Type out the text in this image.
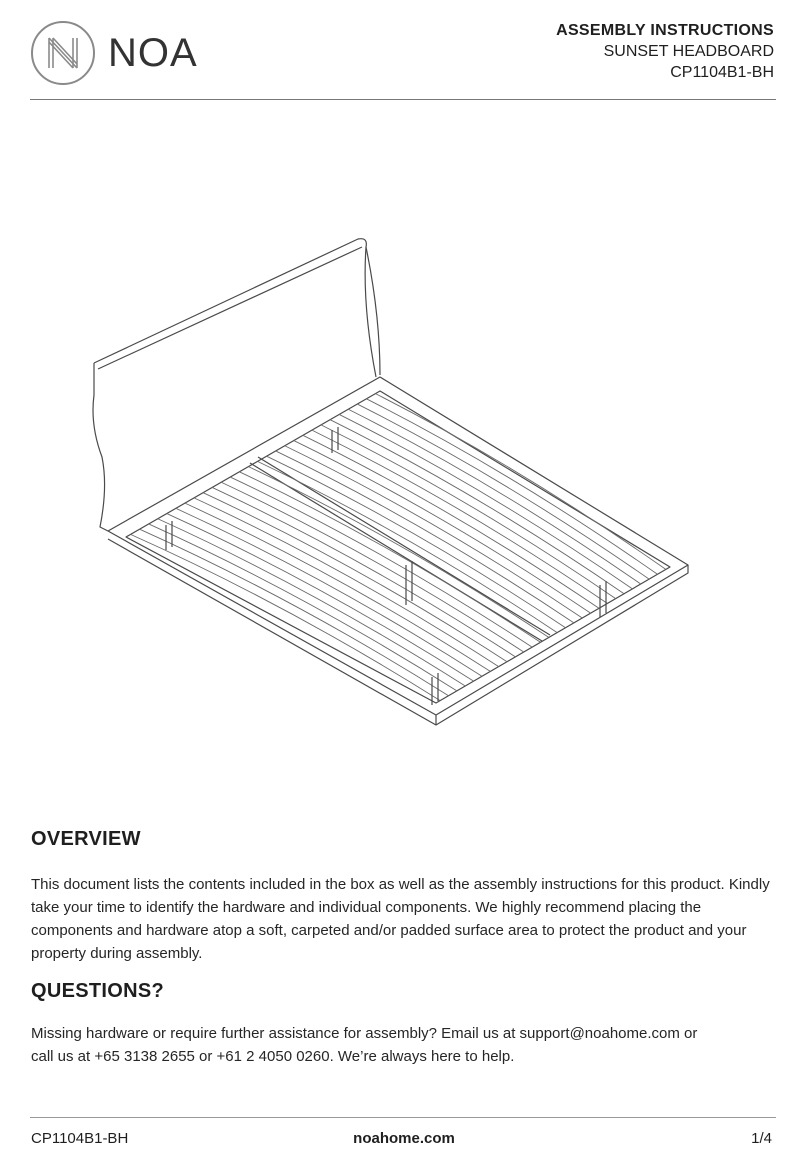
NOA
ASSEMBLY INSTRUCTIONS
SUNSET HEADBOARD
CP1104B1-BH
OVERVIEW
This document lists the contents included in the box as well as the assembly instructions for this product. Kindly take your time to identify the hardware and individual components. We highly recommend placing the components and hardware atop a soft, carpeted and/or padded surface area to protect the product and your property during assembly.
QUESTIONS?
Missing hardware or require further assistance for assembly? Email us at support@noahome.com or
call us at +65 3138 2655 or +61 2 4050 0260. We’re always here to help.
CP1104B1-BH	noahome.com	1/4
